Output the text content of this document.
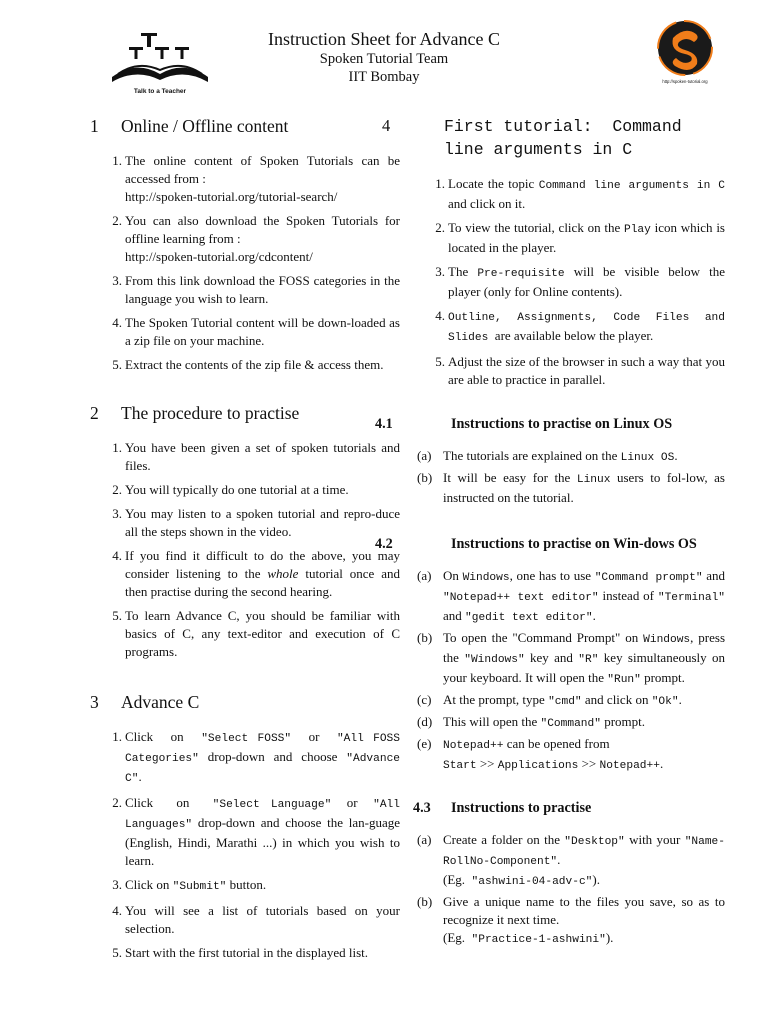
Instruction Sheet for Advance C
Spoken Tutorial Team
IIT Bombay
Talk to a Teacher
http://spoken-tutorial.org
1 Online / Offline content
1. The online content of Spoken Tutorials can be accessed from :
http://spoken-tutorial.org/tutorial-search/
2. You can also download the Spoken Tutorials for offline learning from :
http://spoken-tutorial.org/cdcontent/
3. From this link download the FOSS categories in the language you wish to learn.
4. The Spoken Tutorial content will be down-loaded as a zip file on your machine.
5. Extract the contents of the zip file & access them.
2 The procedure to practise
1. You have been given a set of spoken tutorials and files.
2. You will typically do one tutorial at a time.
3. You may listen to a spoken tutorial and repro-duce all the steps shown in the video.
4. If you find it difficult to do the above, you may consider listening to the whole tutorial once and then practise during the second hearing.
5. To learn Advance C, you should be familiar with basics of C, any text-editor and execution of C programs.
3 Advance C
1. Click   on   "Select FOSS"   or   "All FOSS Categories" drop-down and choose "Advance C".
2. Click   on   "Select Language"  or  "All Languages" drop-down and choose the lan-guage (English, Hindi, Marathi ...) in which you wish to learn.
3. Click on "Submit" button.
4. You will see a list of tutorials based on your selection.
5. Start with the first tutorial in the displayed list.
4	First tutorial:  Command line arguments in C
1. Locate the topic Command line arguments in C and click on it.
2. To view the tutorial, click on the Play icon which is located in the player.
3. The Pre-requisite will be visible below the player (only for Online contents).
4. Outline, Assignments, Code Files and Slides  are available below the player.
5. Adjust the size of the browser in such a way that you are able to practice in parallel.
4.1	Instructions to practise on Linux OS
(a) The tutorials are explained on the Linux OS.
(b) It will be easy for the Linux users to fol-low, as instructed on the tutorial.
4.2	Instructions to practise on Win-dows OS
(a) On Windows, one has to use "Command prompt" and "Notepad++ text editor" instead of "Terminal" and "gedit text editor".
(b) To open the "Command Prompt" on Windows, press the "Windows" key and "R" key simultaneously on your keyboard. It will open the "Run" prompt.
(c) At the prompt, type "cmd" and click on "Ok".
(d) This will open the "Command" prompt.
(e)	Notepad++ can be opened from
Start >> Applications >> Notepad++.
4.3 Instructions to practise
(a) Create a folder on the "Desktop" with your "Name-RollNo-Component".
(Eg.  "ashwini-04-adv-c").
(b) Give a unique name to the files you save, so as to recognize it next time.
(Eg.  "Practice-1-ashwini").
